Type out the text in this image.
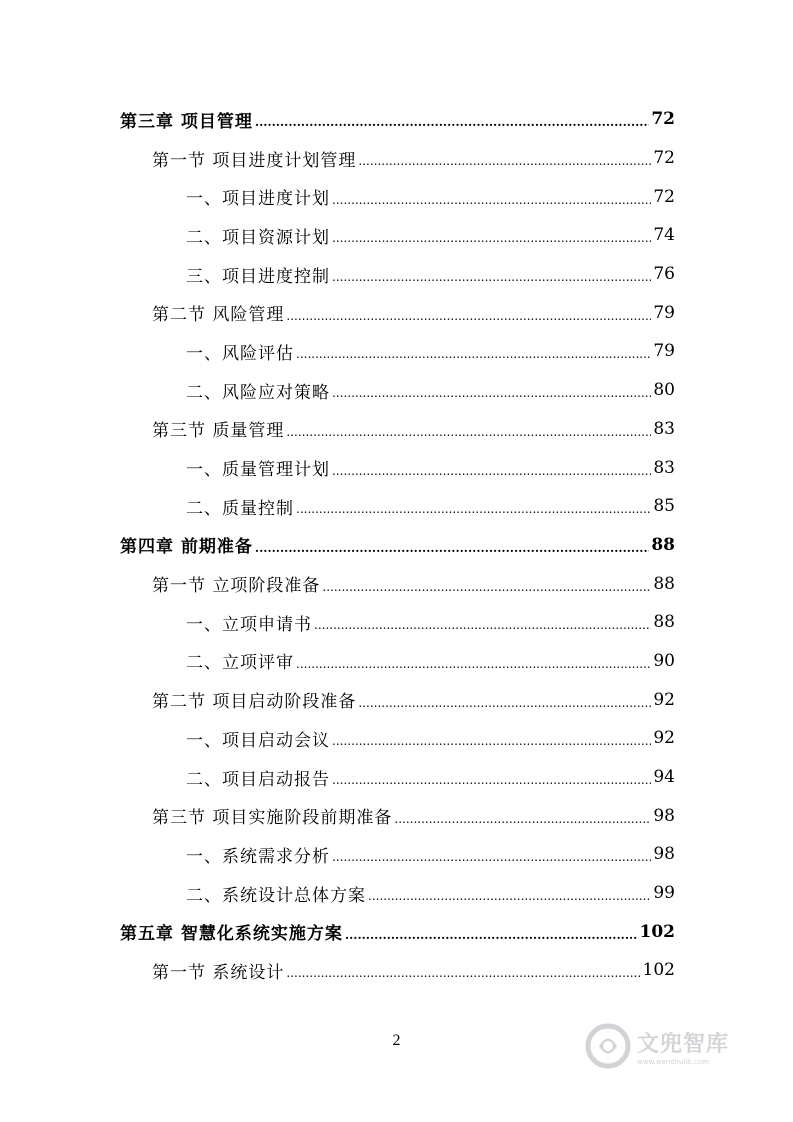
第三章 项目管理 .....	72
第一节 项目进度计划管理 .....	72
一、项目进度计划 .....	72
二、项目资源计划 .....	74
三、项目进度控制 .....	76
第二节 风险管理 .....	79
一、风险评估 .....	79
二、风险应对策略 .....	80
第三节 质量管理 .....	83
一、质量管理计划 .....	83
二、质量控制 .....	85
第四章 前期准备 .....	88
第一节 立项阶段准备 .....	88
一、立项申请书 .....	88
二、立项评审 .....	90
第二节 项目启动阶段准备 .....	92
一、项目启动会议 .....	92
二、项目启动报告 .....	94
第三节 项目实施阶段前期准备 .....	98
一、系统需求分析 .....	98
二、系统设计总体方案 .....	99
第五章 智慧化系统实施方案 .....	102
第一节 系统设计 .....	102
2	文兜智库
www.wendoulib.com
